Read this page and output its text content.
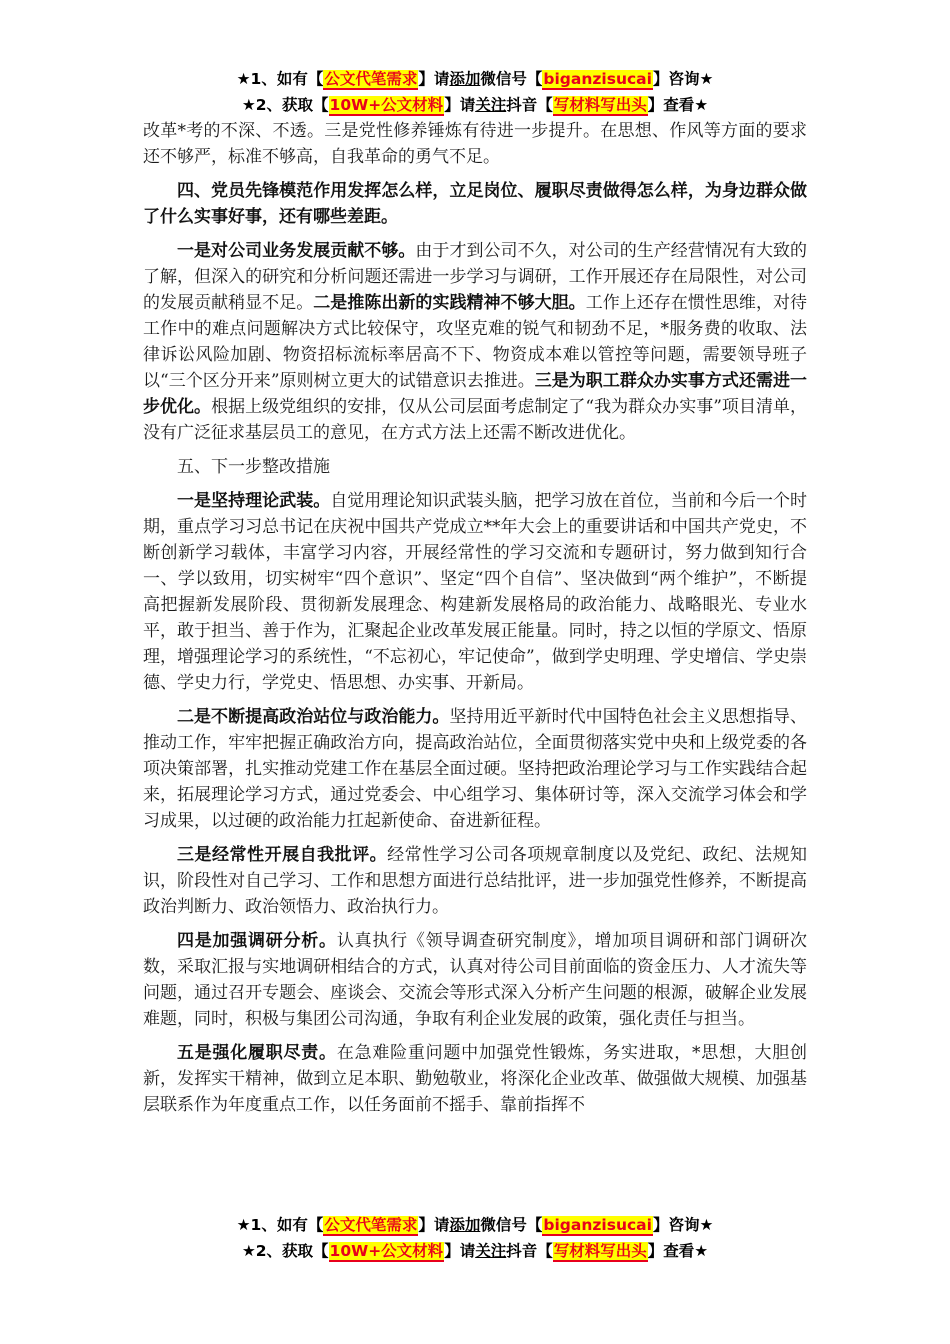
★1、如有【公文代笔需求】请添加微信号【biganzisucai】咨询★
★2、获取【10W+公文材料】请关注抖音【写材料写出头】查看★

改革*考的不深、不透。三是党性修养锤炼有待进一步提升。在思想、作风等方面的要求还不够严，标准不够高，自我革命的勇气不足。

四、党员先锋模范作用发挥怎么样，立足岗位、履职尽责做得怎么样，为身边群众做了什么实事好事，还有哪些差距。

一是对公司业务发展贡献不够。由于才到公司不久，对公司的生产经营情况有大致的了解，但深入的研究和分析问题还需进一步学习与调研，工作开展还存在局限性，对公司的发展贡献稍显不足。二是推陈出新的实践精神不够大胆。工作上还存在惯性思维，对待工作中的难点问题解决方式比较保守，攻坚克难的锐气和韧劲不足，*服务费的收取、法律诉讼风险加剧、物资招标流标率居高不下、物资成本难以管控等问题，需要领导班子以“三个区分开来”原则树立更大的试错意识去推进。三是为职工群众办实事方式还需进一步优化。根据上级党组织的安排，仅从公司层面考虑制定了“我为群众办实事”项目清单，没有广泛征求基层员工的意见，在方式方法上还需不断改进优化。

五、下一步整改措施

一是坚持理论武装。自觉用理论知识武装头脑，把学习放在首位，当前和今后一个时期，重点学习习总书记在庆祝中国共产党成立**年大会上的重要讲话和中国共产党史，不断创新学习载体，丰富学习内容，开展经常性的学习交流和专题研讨，努力做到知行合一、学以致用，切实树牢“四个意识”、坚定“四个自信”、坚决做到“两个维护”，不断提高把握新发展阶段、贯彻新发展理念、构建新发展格局的政治能力、战略眼光、专业水平，敢于担当、善于作为，汇聚起企业改革发展正能量。同时，持之以恒的学原文、悟原理，增强理论学习的系统性，“不忘初心，牢记使命”，做到学史明理、学史增信、学史崇德、学史力行，学党史、悟思想、办实事、开新局。

二是不断提高政治站位与政治能力。坚持用近平新时代中国特色社会主义思想指导、推动工作，牢牢把握正确政治方向，提高政治站位，全面贯彻落实党中央和上级党委的各项决策部署，扎实推动党建工作在基层全面过硬。坚持把政治理论学习与工作实践结合起来，拓展理论学习方式，通过党委会、中心组学习、集体研讨等，深入交流学习体会和学习成果，以过硬的政治能力扛起新使命、奋进新征程。

三是经常性开展自我批评。经常性学习公司各项规章制度以及党纪、政纪、法规知识，阶段性对自己学习、工作和思想方面进行总结批评，进一步加强党性修养，不断提高政治判断力、政治领悟力、政治执行力。

四是加强调研分析。认真执行《领导调查研究制度》，增加项目调研和部门调研次数，采取汇报与实地调研相结合的方式，认真对待公司目前面临的资金压力、人才流失等问题，通过召开专题会、座谈会、交流会等形式深入分析产生问题的根源，破解企业发展难题，同时，积极与集团公司沟通，争取有利企业发展的政策，强化责任与担当。

五是强化履职尽责。在急难险重问题中加强党性锻炼，务实进取，*思想，大胆创新，发挥实干精神，做到立足本职、勤勉敬业，将深化企业改革、做强做大规模、加强基层联系作为年度重点工作，以任务面前不摇手、靠前指挥不

★1、如有【公文代笔需求】请添加微信号【biganzisucai】咨询★
★2、获取【10W+公文材料】请关注抖音【写材料写出头】查看★
